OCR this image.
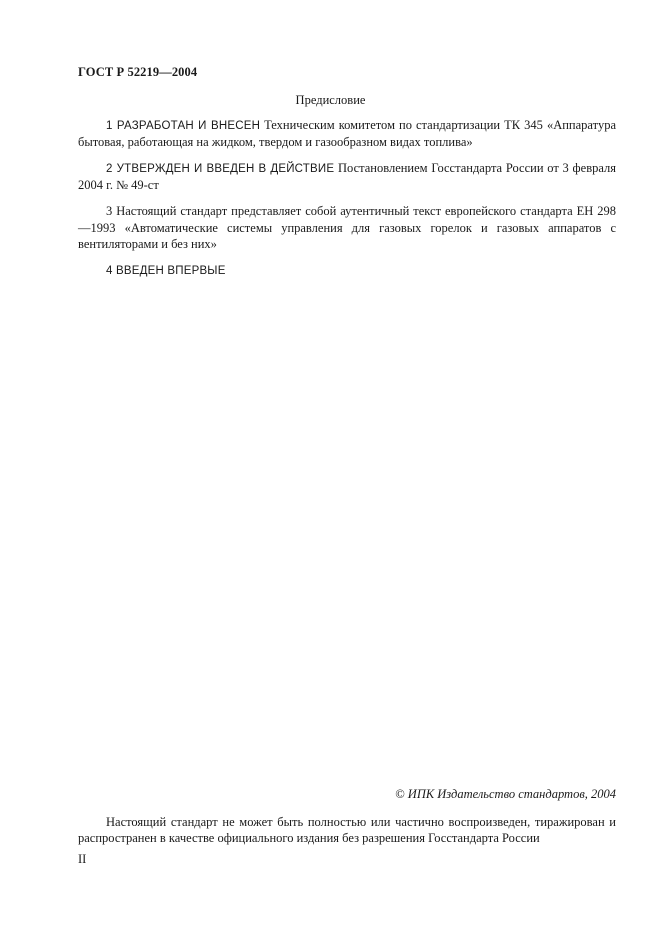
ГОСТ Р 52219—2004
Предисловие

1 РАЗРАБОТАН И ВНЕСЕН Техническим комитетом по стандартизации ТК 345 «Аппаратура бытовая, работающая на жидком, твердом и газообразном видах топлива»

2 УТВЕРЖДЕН И ВВЕДЕН В ДЕЙСТВИЕ Постановлением Госстандарта России от 3 февраля 2004 г. № 49-ст

3 Настоящий стандарт представляет собой аутентичный текст европейского стандарта ЕН 298—1993 «Автоматические системы управления для газовых горелок и газовых аппаратов с вентиляторами и без них»

4 ВВЕДЕН ВПЕРВЫЕ

© ИПК Издательство стандартов, 2004

Настоящий стандарт не может быть полностью или частично воспроизведен, тиражирован и распространен в качестве официального издания без разрешения Госстандарта России

II
